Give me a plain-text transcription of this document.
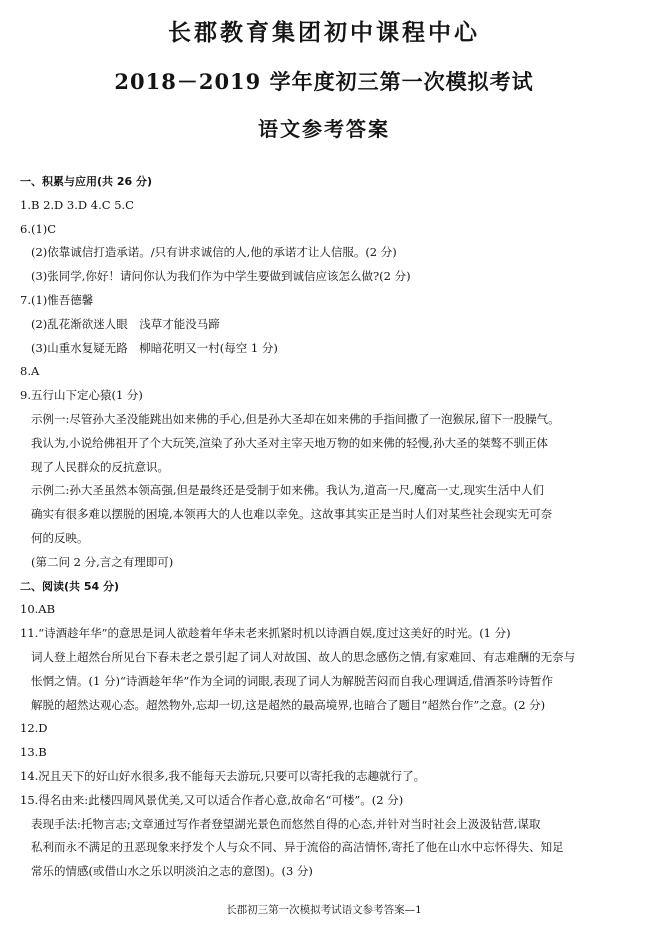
长郡教育集团初中课程中心
2018－2019 学年度初三第一次模拟考试
语文参考答案
一、积累与应用(共 26 分)
1.B 2.D 3.D 4.C 5.C
6.(1)C
(2)依靠诚信打造承诺。/只有讲求诚信的人,他的承诺才让人信服。(2 分)
(3)张同学,你好！请问你认为我们作为中学生要做到诚信应该怎么做?(2 分)
7.(1)惟吾德馨
(2)乱花渐欲迷人眼　浅草才能没马蹄
(3)山重水复疑无路　柳暗花明又一村(每空 1 分)
8.A
9.五行山下定心猿(1 分)
示例一:尽管孙大圣没能跳出如来佛的手心,但是孙大圣却在如来佛的手指间撒了一泡猴尿,留下一股臊气。
我认为,小说给佛祖开了个大玩笑,渲染了孙大圣对主宰天地万物的如来佛的轻慢,孙大圣的桀骜不驯正体
现了人民群众的反抗意识。
示例二:孙大圣虽然本领高强,但是最终还是受制于如来佛。我认为,道高一尺,魔高一丈,现实生活中人们
确实有很多难以摆脱的困境,本领再大的人也难以幸免。这故事其实正是当时人们对某些社会现实无可奈
何的反映。
(第二问 2 分,言之有理即可)
二、阅读(共 54 分)
10.AB
11.“诗酒趁年华”的意思是词人欲趁着年华未老来抓紧时机以诗酒自娱,度过这美好的时光。(1 分)
词人登上超然台所见台下春未老之景引起了词人对故国、故人的思念感伤之情,有家难回、有志难酬的无奈与
怅惘之情。(1 分)“诗酒趁年华”作为全词的词眼,表现了词人为解脱苦闷而自我心理调适,借酒茶吟诗暂作
解脱的超然达观心态。超然物外,忘却一切,这是超然的最高境界,也暗合了题目“超然台作”之意。(2 分)
12.D
13.B
14.况且天下的好山好水很多,我不能每天去游玩,只要可以寄托我的志趣就行了。
15.得名由来:此楼四周风景优美,又可以适合作者心意,故命名“可楼”。(2 分)
表现手法:托物言志;文章通过写作者登望湖光景色而悠然自得的心态,并针对当时社会上汲汲钻营,谋取
私利而永不满足的丑恶现象来抒发个人与众不同、异于流俗的高洁情怀,寄托了他在山水中忘怀得失、知足
常乐的情感(或借山水之乐以明淡泊之志的意图)。(3 分)
长郡初三第一次模拟考试语文参考答案—1
